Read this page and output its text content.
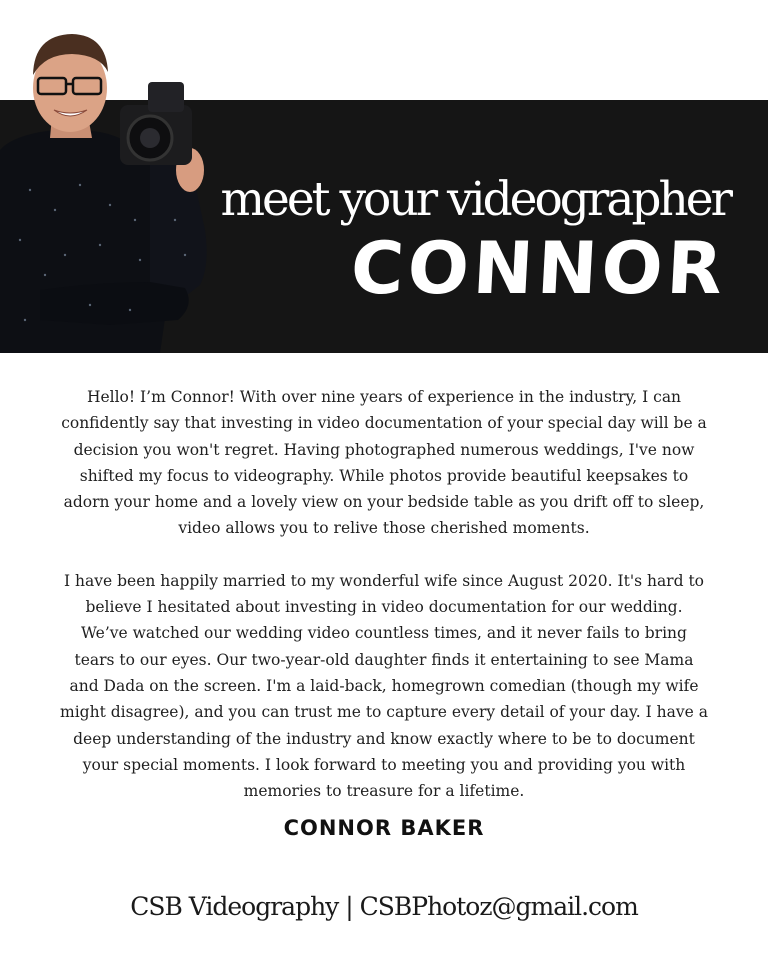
meet your videographer
CONNOR

Hello! I’m Connor! With over nine years of experience in the industry, I can confidently say that investing in video documentation of your special day will be a decision you won't regret. Having photographed numerous weddings, I've now shifted my focus to videography. While photos provide beautiful keepsakes to adorn your home and a lovely view on your bedside table as you drift off to sleep, video allows you to relive those cherished moments.

I have been happily married to my wonderful wife since August 2020. It's hard to believe I hesitated about investing in video documentation for our wedding. We’ve watched our wedding video countless times, and it never fails to bring tears to our eyes. Our two-year-old daughter finds it entertaining to see Mama and Dada on the screen. I'm a laid-back, homegrown comedian (though my wife might disagree), and you can trust me to capture every detail of your day. I have a deep understanding of the industry and know exactly where to be to document your special moments. I look forward to meeting you and providing you with memories to treasure for a lifetime.

CONNOR BAKER
CSB Videography | CSBPhotoz@gmail.com
